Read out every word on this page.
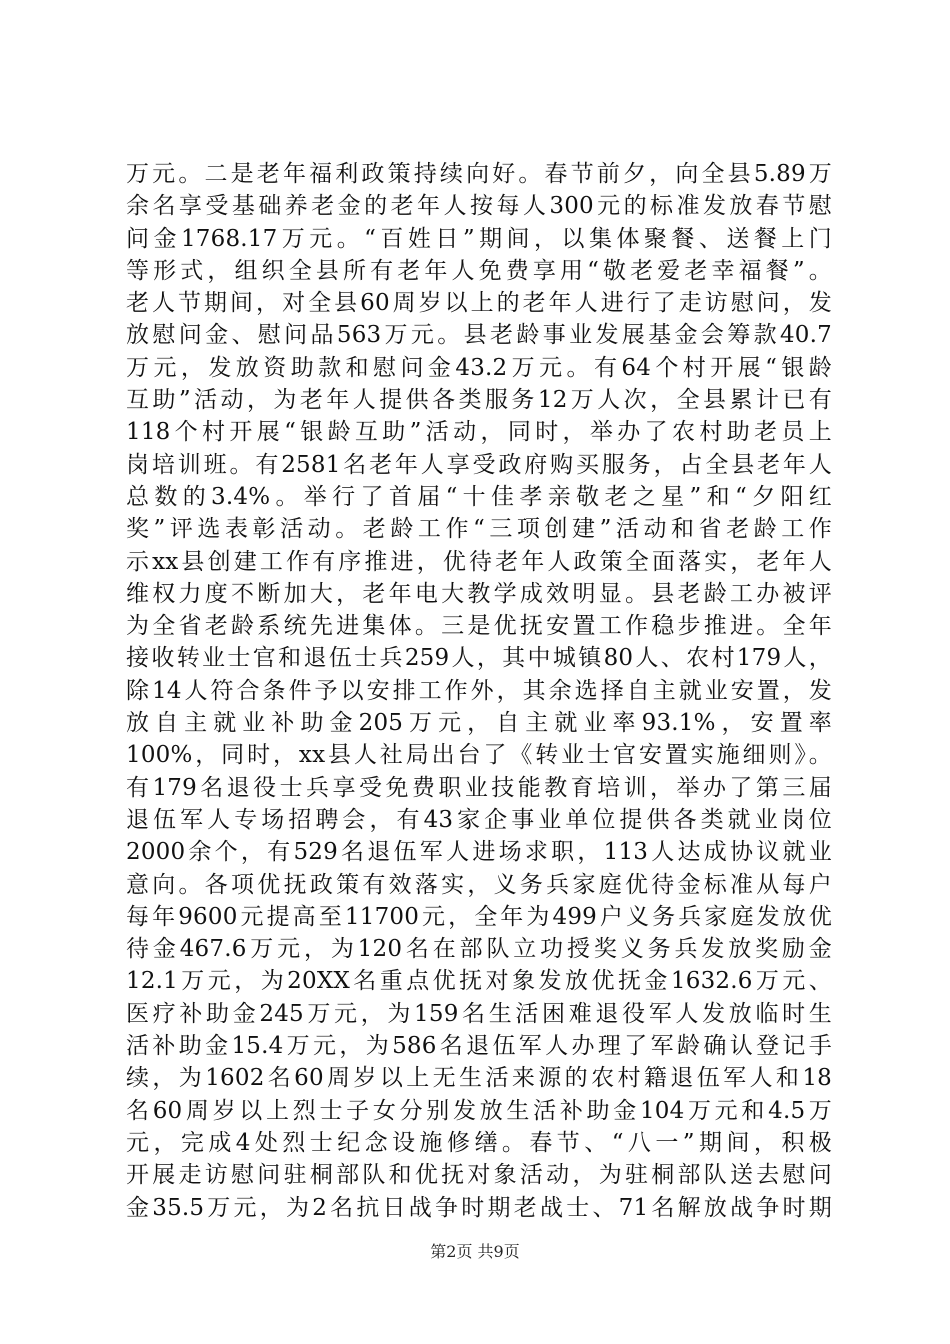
万元。二是老年福利政策持续向好。春节前夕，向全县5.89万
余名享受基础养老金的老年人按每人300元的标准发放春节慰
问金1768.17万元。“百姓日”期间，以集体聚餐、送餐上门
等形式，组织全县所有老年人免费享用“敬老爱老幸福餐”。
老人节期间，对全县60周岁以上的老年人进行了走访慰问，发
放慰问金、慰问品563万元。县老龄事业发展基金会筹款40.7
万元，发放资助款和慰问金43.2万元。有64个村开展“银龄
互助”活动，为老年人提供各类服务12万人次，全县累计已有
118个村开展“银龄互助”活动，同时，举办了农村助老员上
岗培训班。有2581名老年人享受政府购买服务，占全县老年人
总数的3.4%。举行了首届“十佳孝亲敬老之星”和“夕阳红
奖”评选表彰活动。老龄工作“三项创建”活动和省老龄工作
示xx县创建工作有序推进，优待老年人政策全面落实，老年人
维权力度不断加大，老年电大教学成效明显。县老龄工办被评
为全省老龄系统先进集体。三是优抚安置工作稳步推进。全年
接收转业士官和退伍士兵259人，其中城镇80人、农村179人，
除14人符合条件予以安排工作外，其余选择自主就业安置，发
放自主就业补助金205万元，自主就业率93.1%，安置率
100%，同时，xx县人社局出台了《转业士官安置实施细则》。
有179名退役士兵享受免费职业技能教育培训，举办了第三届
退伍军人专场招聘会，有43家企事业单位提供各类就业岗位
2000余个，有529名退伍军人进场求职，113人达成协议就业
意向。各项优抚政策有效落实，义务兵家庭优待金标准从每户
每年9600元提高至11700元，全年为499户义务兵家庭发放优
待金467.6万元，为120名在部队立功授奖义务兵发放奖励金
12.1万元，为20XX名重点优抚对象发放优抚金1632.6万元、
医疗补助金245万元，为159名生活困难退役军人发放临时生
活补助金15.4万元，为586名退伍军人办理了军龄确认登记手
续，为1602名60周岁以上无生活来源的农村籍退伍军人和18
名60周岁以上烈士子女分别发放生活补助金104万元和4.5万
元，完成4处烈士纪念设施修缮。春节、“八一”期间，积极
开展走访慰问驻桐部队和优抚对象活动，为驻桐部队送去慰问
金35.5万元，为2名抗日战争时期老战士、71名解放战争时期
第2页 共9页
